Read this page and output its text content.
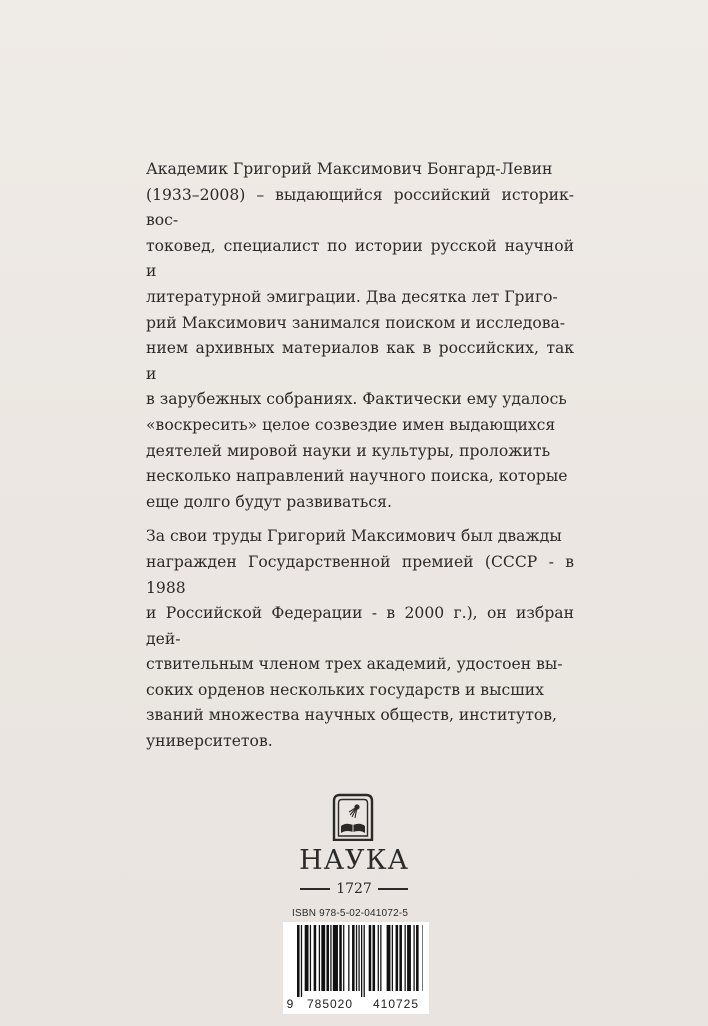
Академик Григорий Максимович Бонгард-Левин
(1933–2008) – выдающийся российский историк-вос-
токовед, специалист по истории русской научной и
литературной эмиграции. Два десятка лет Григо-
рий Максимович занимался поиском и исследова-
нием архивных материалов как в российских, так и
в зарубежных собраниях. Фактически ему удалось
«воскресить» целое созвездие имен выдающихся
деятелей мировой науки и культуры, проложить
несколько направлений научного поиска, которые
еще долго будут развиваться.

За свои труды Григорий Максимович был дважды
награжден Государственной премией (СССР - в 1988
и Российской Федерации - в 2000 г.), он избран дей-
ствительным членом трех академий, удостоен вы-
соких орденов нескольких государств и высших
званий множества научных обществ, институтов,
университетов.

НАУКА
1727
ISBN 978-5-02-041072-5
9	785020	410725
